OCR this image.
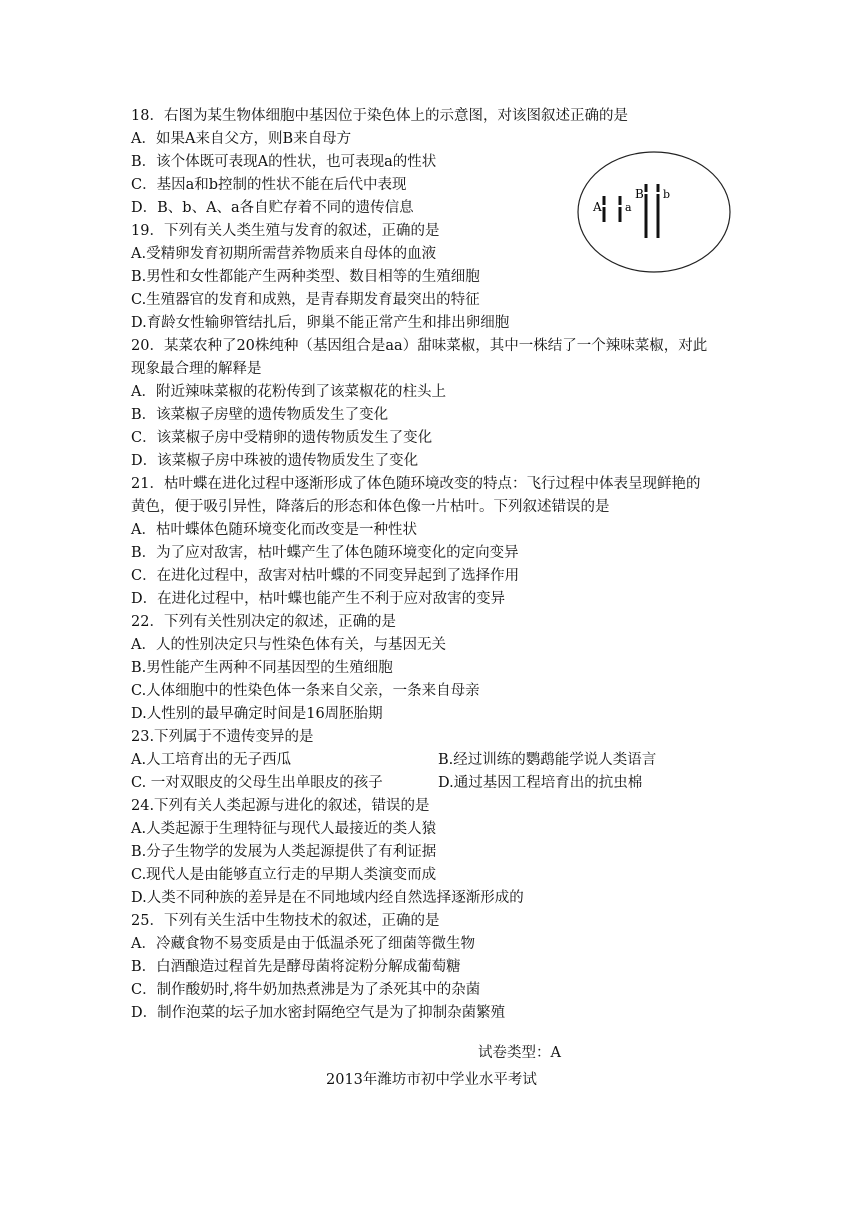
18．右图为某生物体细胞中基因位于染色体上的示意图，对该图叙述正确的是
A．如果A来自父方，则B来自母方
B．该个体既可表现A的性状，也可表现a的性状
C．基因a和b控制的性状不能在后代中表现
D．B、b、A、a各自贮存着不同的遗传信息
19．下列有关人类生殖与发育的叙述，正确的是
A.受精卵发育初期所需营养物质来自母体的血液
B.男性和女性都能产生两种类型、数目相等的生殖细胞
C.生殖器官的发育和成熟，是青春期发育最突出的特征
D.育龄女性输卵管结扎后，卵巢不能正常产生和排出卵细胞
20．某菜农种了20株纯种（基因组合是aa）甜味菜椒，其中一株结了一个辣味菜椒，对此
现象最合理的解释是
A．附近辣味菜椒的花粉传到了该菜椒花的柱头上
B．该菜椒子房壁的遗传物质发生了变化
C．该菜椒子房中受精卵的遗传物质发生了变化
D．该菜椒子房中珠被的遗传物质发生了变化
21．枯叶蝶在进化过程中逐渐形成了体色随环境改变的特点：飞行过程中体表呈现鲜艳的
黄色，便于吸引异性，降落后的形态和体色像一片枯叶。下列叙述错误的是
A．枯叶蝶体色随环境变化而改变是一种性状
B．为了应对敌害，枯叶蝶产生了体色随环境变化的定向变异
C．在进化过程中，敌害对枯叶蝶的不同变异起到了选择作用
D．在进化过程中，枯叶蝶也能产生不利于应对敌害的变异
22．下列有关性别决定的叙述，正确的是
A．人的性别决定只与性染色体有关，与基因无关
B.男性能产生两种不同基因型的生殖细胞
C.人体细胞中的性染色体一条来自父亲，一条来自母亲
D.人性别的最早确定时间是16周胚胎期
23.下列属于不遗传变异的是
A.人工培育出的无子西瓜	B.经过训练的鹦鹉能学说人类语言
C. 一对双眼皮的父母生出单眼皮的孩子	D.通过基因工程培育出的抗虫棉
24.下列有关人类起源与进化的叙述，错误的是
A.人类起源于生理特征与现代人最接近的类人猿
B.分子生物学的发展为人类起源提供了有利证据
C.现代人是由能够直立行走的早期人类演变而成
D.人类不同种族的差异是在不同地域内经自然选择逐渐形成的
25．下列有关生活中生物技术的叙述，正确的是
A．冷藏食物不易变质是由于低温杀死了细菌等微生物
B．白酒酿造过程首先是酵母菌将淀粉分解成葡萄糖
C．制作酸奶时,将牛奶加热煮沸是为了杀死其中的杂菌
D．制作泡菜的坛子加水密封隔绝空气是为了抑制杂菌繁殖
试卷类型：A
2013年潍坊市初中学业水平考试
A a
B b
